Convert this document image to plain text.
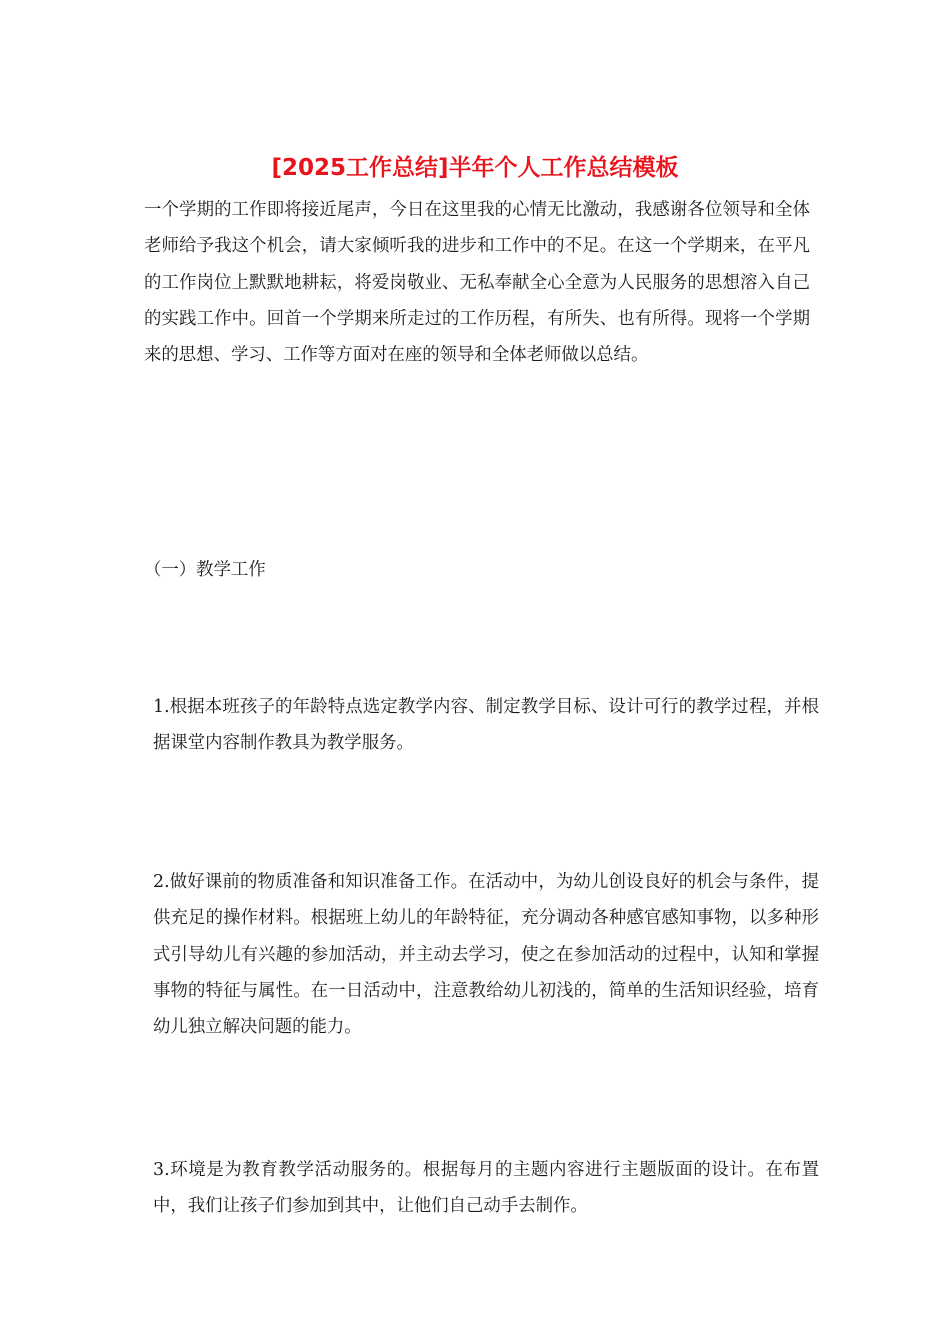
[2025工作总结]半年个人工作总结模板

一个学期的工作即将接近尾声，今日在这里我的心情无比激动，我感谢各位领导和全体老师给予我这个机会，请大家倾听我的进步和工作中的不足。在这一个学期来，在平凡的工作岗位上默默地耕耘，将爱岗敬业、无私奉献全心全意为人民服务的思想溶入自己的实践工作中。回首一个学期来所走过的工作历程，有所失、也有所得。现将一个学期来的思想、学习、工作等方面对在座的领导和全体老师做以总结。

（一）教学工作

1.根据本班孩子的年龄特点选定教学内容、制定教学目标、设计可行的教学过程，并根据课堂内容制作教具为教学服务。

2.做好课前的物质准备和知识准备工作。在活动中，为幼儿创设良好的机会与条件，提供充足的操作材料。根据班上幼儿的年龄特征，充分调动各种感官感知事物，以多种形式引导幼儿有兴趣的参加活动，并主动去学习，使之在参加活动的过程中，认知和掌握事物的特征与属性。在一日活动中，注意教给幼儿初浅的，简单的生活知识经验，培育幼儿独立解决问题的能力。

3.环境是为教育教学活动服务的。根据每月的主题内容进行主题版面的设计。在布置中，我们让孩子们参加到其中，让他们自己动手去制作。
